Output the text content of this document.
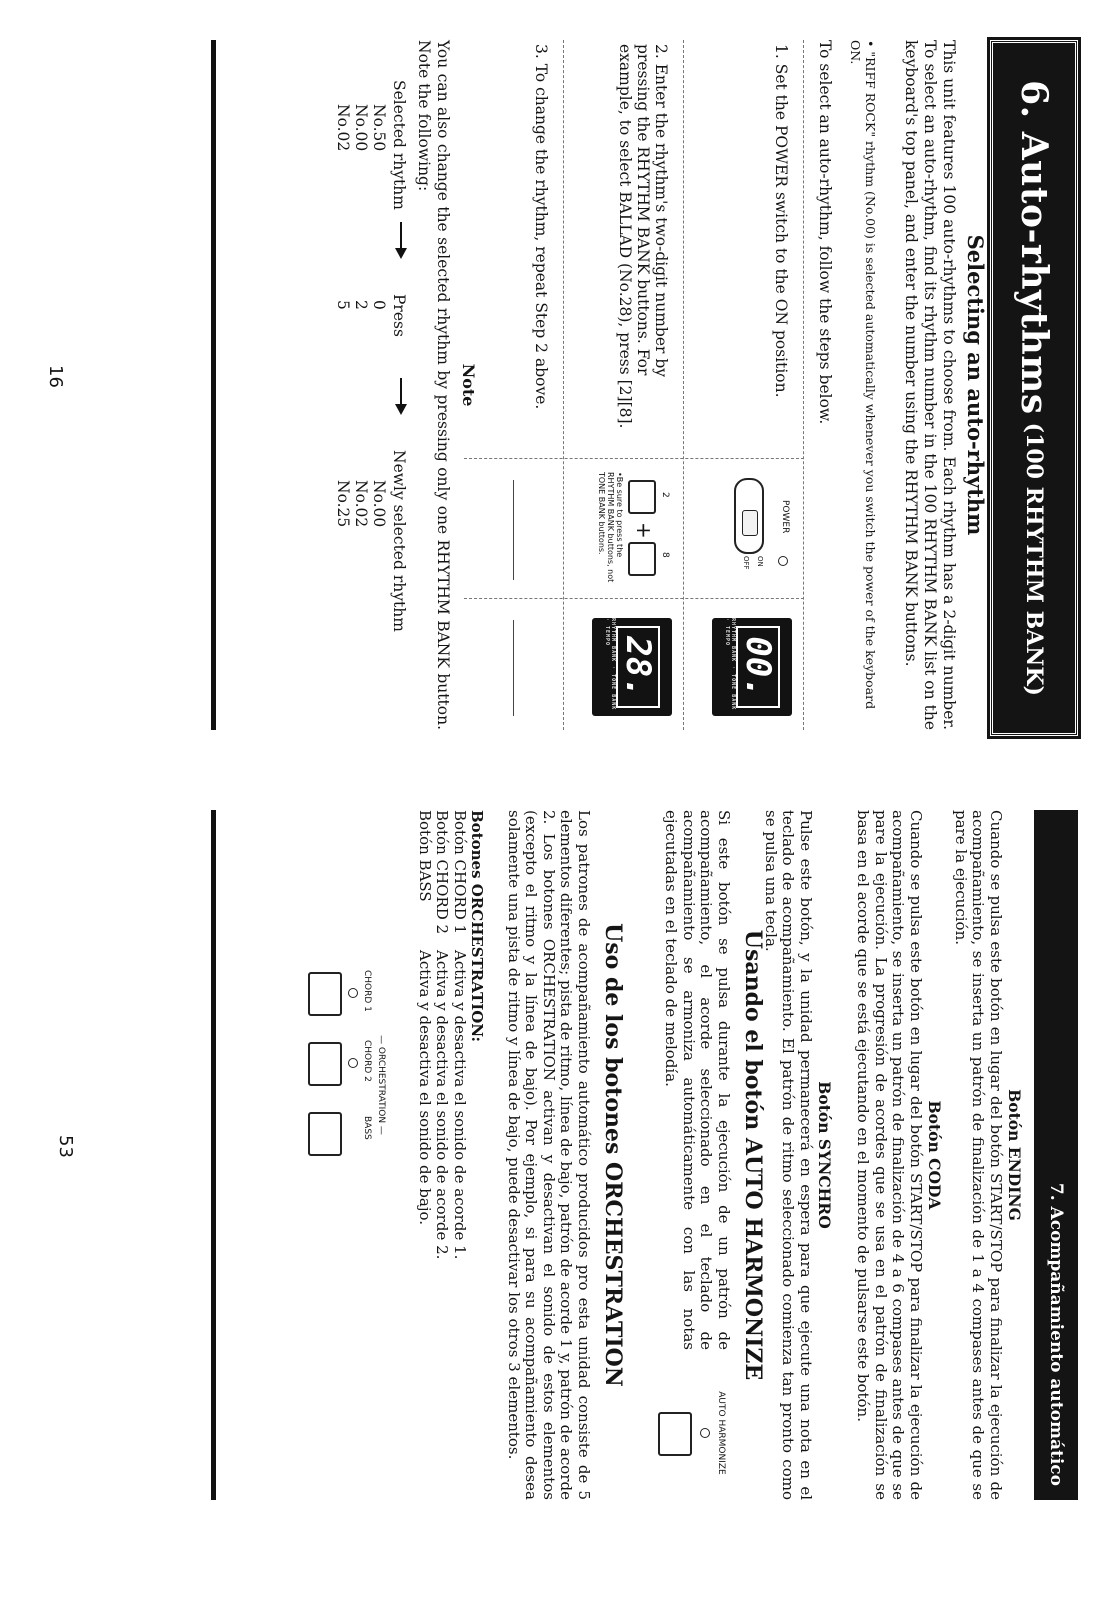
6. Auto-rhythms
(100 RHYTHM BANK)
Selecting an auto-rhythm
This unit features 100 auto-rhythms to choose from. Each rhythm has a 2-digit number. To select an auto-rhythm, find its rhythm number in the 100 RHYTHM BANK list on the keyboard's top panel, and enter the number using the RHYTHM BANK buttons.
• "RIFF ROCK" rhythm (No.00) is selected automatically whenever you switch the power of the keyboard ON.
To select an auto-rhythm, follow the steps below.
1. Set the POWER switch to the ON position.
POWER
ON
OFF
00.
RHYTHM BANK · TONE BANK · TEMPO
2. Enter the rhythm's two-digit number by pressing the RHYTHM BANK buttons. For example, to select BALLAD (No.28), press [2][8].
2
8
+
•Be sure to press the RHYTHM BANK buttons, not TONE BANK buttons.
28.
RHYTHM BANK · TONE BANK · TEMPO
3. To change the rhythm, repeat Step 2 above.
Note
You can also change the selected rhythm by pressing only one RHYTHM BANK button. Note the following:
Selected rhythm
Press
Newly selected rhythm
No.50
0
No.00
No.00
2
No.02
No.02
5
No.25
16
7. Acompañamiento automático
Botón ENDING
Cuando se pulsa este botón en lugar del botón START/STOP para finalizar la ejecución de acompañamiento, se inserta un patrón de finalización de 1 a 4 compases antes de que se pare la ejecución.
Botón CODA
Cuando se pulsa este botón en lugar del botón START/STOP para finalizar la ejecución de acompañamiento, se inserta un patrón de finalización de 4 a 6 compases antes de que se pare la ejecución. La progresión de acordes que se usa en el patrón de finalización se basa en el acorde que se está ejecutando en el momento de pulsarse este botón.
Botón SYNCHRO
Pulse este botón, y la unidad permanecerá en espera para que ejecute una nota en el teclado de acompañamiento. El patrón de ritmo seleccionado comienza tan pronto como se pulsa una tecla.
Usando el botón AUTO HARMONIZE
Si este botón se pulsa durante la ejecución de un patrón de acompañamiento, el acorde seleccionado en el teclado de acompañamiento se armoniza automáticamente con las notas ejecutadas en el teclado de melodía.
AUTO HARMONIZE
Uso de los botones ORCHESTRATION
Los patrones de acompañamiento automático producidos pro esta unidad consiste de 5 elementos diferentes; pista de ritmo, línea de bajo, patrón de acorde 1 y, patrón de acorde 2. Los botones ORCHESTRATION activan y desactivan el sonido de estos elementos (excepto el ritmo y la línea de bajo). Por ejemplo, si para su acompañamiento desea solamente una pista de ritmo y línea de bajo, puede desactivar los otros 3 elementos.
Botones ORCHESTRATION:
Botón CHORD 1
Activa y desactiva el sonido de acorde 1.
Botón CHORD 2
Activa y desactiva el sonido de acorde 2.
Botón BASS
Activa y desactiva el sonido de bajo.
— ORCHESTRATION —
CHORD 1
CHORD 2
BASS
53
